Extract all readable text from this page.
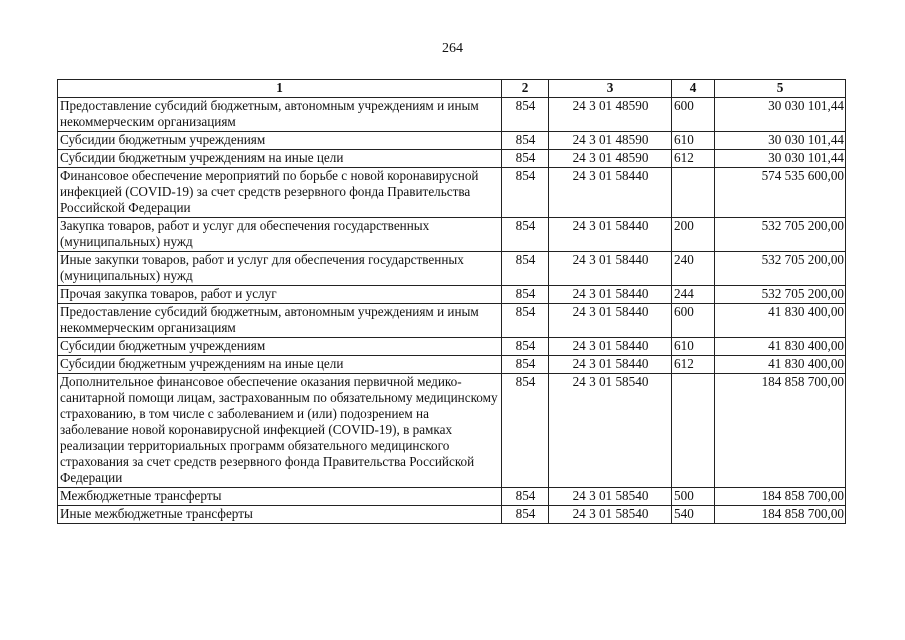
264
1	2	3	4	5
Предоставление субсидий бюджетным, автономным учреждениям и иным некоммерческим организациям	854	24 3 01 48590	600	30 030 101,44
Субсидии бюджетным учреждениям	854	24 3 01 48590	610	30 030 101,44
Субсидии бюджетным учреждениям на иные цели	854	24 3 01 48590	612	30 030 101,44
Финансовое обеспечение мероприятий по борьбе с новой коронавирусной инфекцией (COVID-19) за счет средств резервного фонда Правительства Российской Федерации	854	24 3 01 58440		574 535 600,00
Закупка товаров, работ и услуг для обеспечения государственных (муниципальных) нужд	854	24 3 01 58440	200	532 705 200,00
Иные закупки товаров, работ и услуг для обеспечения государственных (муниципальных) нужд	854	24 3 01 58440	240	532 705 200,00
Прочая закупка товаров, работ и услуг	854	24 3 01 58440	244	532 705 200,00
Предоставление субсидий бюджетным, автономным учреждениям и иным некоммерческим организациям	854	24 3 01 58440	600	41 830 400,00
Субсидии бюджетным учреждениям	854	24 3 01 58440	610	41 830 400,00
Субсидии бюджетным учреждениям на иные цели	854	24 3 01 58440	612	41 830 400,00
Дополнительное финансовое обеспечение оказания первичной медико-санитарной помощи лицам, застрахованным по обязательному медицинскому страхованию, в том числе с заболеванием и (или) подозрением на заболевание новой коронавирусной инфекцией (COVID-19), в рамках реализации территориальных программ обязательного медицинского страхования за счет средств резервного фонда Правительства Российской Федерации	854	24 3 01 58540		184 858 700,00
Межбюджетные трансферты	854	24 3 01 58540	500	184 858 700,00
Иные межбюджетные трансферты	854	24 3 01 58540	540	184 858 700,00
